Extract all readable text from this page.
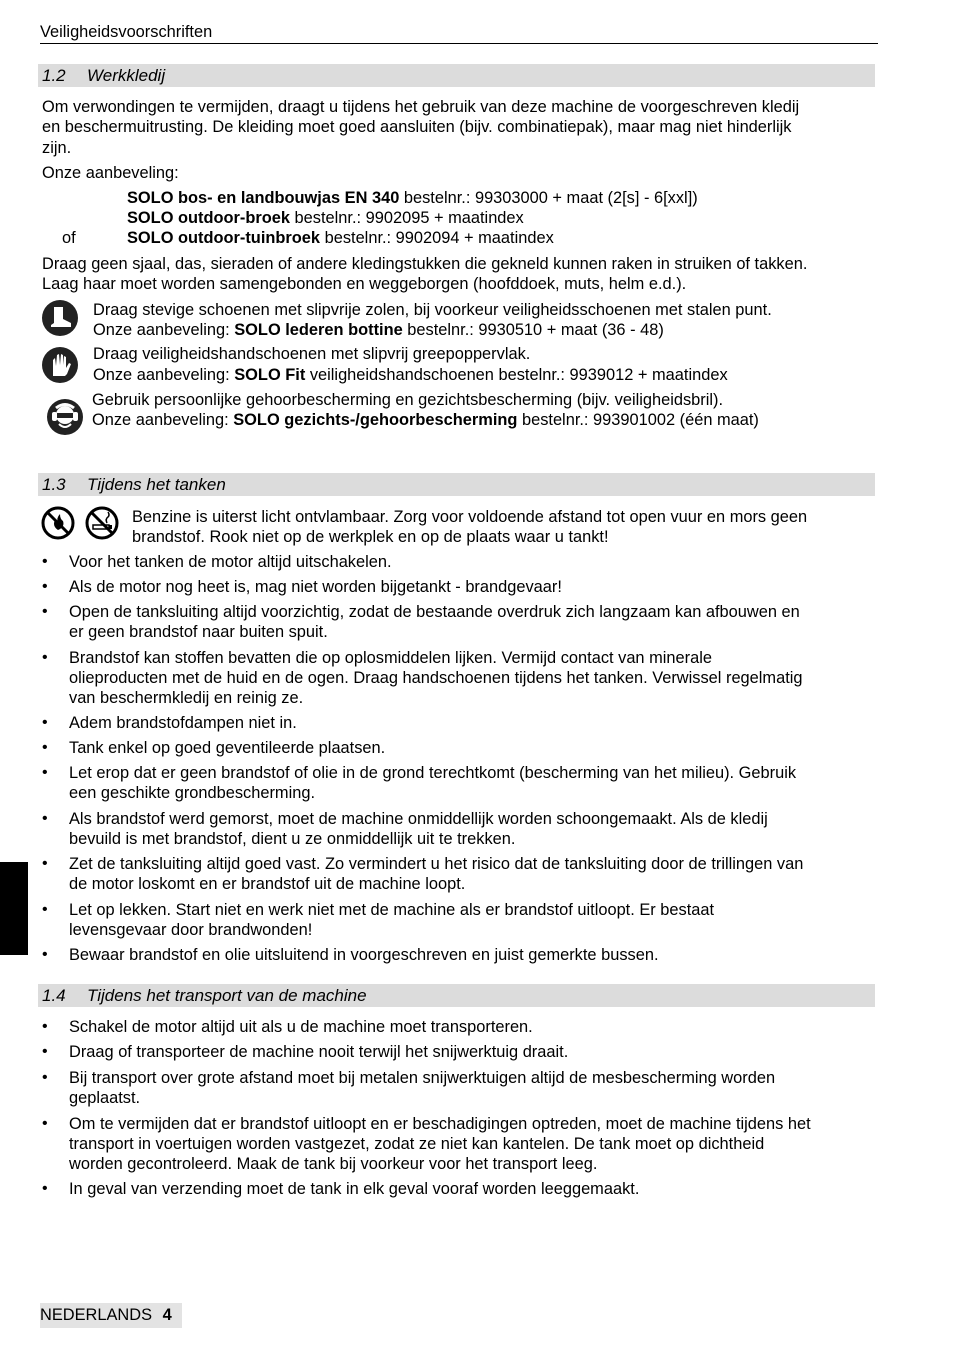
Veiligheidsvoorschriften
1.2 Werkkledij
Om verwondingen te vermijden, draagt u tijdens het gebruik van deze machine de voorgeschreven kledij
en beschermuitrusting. De kleiding moet goed aansluiten (bijv. combinatiepak), maar mag niet hinderlijk
zijn.
Onze aanbeveling:
SOLO bos- en landbouwjas EN 340 bestelnr.: 99303000 + maat (2[s] - 6[xxl])
SOLO outdoor-broek bestelnr.: 9902095 + maatindex
of	SOLO outdoor-tuinbroek bestelnr.: 9902094 + maatindex
Draag geen sjaal, das, sieraden of andere kledingstukken die gekneld kunnen raken in struiken of takken.
Laag haar moet worden samengebonden en weggeborgen (hoofddoek, muts, helm e.d.).
Draag stevige schoenen met slipvrije zolen, bij voorkeur veiligheidsschoenen met stalen punt.
Onze aanbeveling: SOLO lederen bottine bestelnr.: 9930510 + maat (36 - 48)
Draag veiligheidshandschoenen met slipvrij greepoppervlak.
Onze aanbeveling: SOLO Fit veiligheidshandschoenen bestelnr.: 9939012 + maatindex
Gebruik persoonlijke gehoorbescherming en gezichtsbescherming (bijv. veiligheidsbril).
Onze aanbeveling: SOLO gezichts-/gehoorbescherming bestelnr.: 993901002 (één maat)
1.3 Tijdens het tanken
Benzine is uiterst licht ontvlambaar. Zorg voor voldoende afstand tot open vuur en mors geen
brandstof. Rook niet op de werkplek en op de plaats waar u tankt!
• Voor het tanken de motor altijd uitschakelen.
• Als de motor nog heet is, mag niet worden bijgetankt - brandgevaar!
• Open de tanksluiting altijd voorzichtig, zodat de bestaande overdruk zich langzaam kan afbouwen en
er geen brandstof naar buiten spuit.
• Brandstof kan stoffen bevatten die op oplosmiddelen lijken. Vermijd contact van minerale
olieproducten met de huid en de ogen. Draag handschoenen tijdens het tanken. Verwissel regelmatig
van beschermkledij en reinig ze.
• Adem brandstofdampen niet in.
• Tank enkel op goed geventileerde plaatsen.
• Let erop dat er geen brandstof of olie in de grond terechtkomt (bescherming van het milieu). Gebruik
een geschikte grondbescherming.
• Als brandstof werd gemorst, moet de machine onmiddellijk worden schoongemaakt. Als de kledij
bevuild is met brandstof, dient u ze onmiddellijk uit te trekken.
• Zet de tanksluiting altijd goed vast. Zo vermindert u het risico dat de tanksluiting door de trillingen van
de motor loskomt en er brandstof uit de machine loopt.
• Let op lekken. Start niet en werk niet met de machine als er brandstof uitloopt. Er bestaat
levensgevaar door brandwonden!
• Bewaar brandstof en olie uitsluitend in voorgeschreven en juist gemerkte bussen.
1.4 Tijdens het transport van de machine
• Schakel de motor altijd uit als u de machine moet transporteren.
• Draag of transporteer de machine nooit terwijl het snijwerktuig draait.
• Bij transport over grote afstand moet bij metalen snijwerktuigen altijd de mesbescherming worden
geplaatst.
• Om te vermijden dat er brandstof uitloopt en er beschadigingen optreden, moet de machine tijdens het
transport in voertuigen worden vastgezet, zodat ze niet kan kantelen. De tank moet op dichtheid
worden gecontroleerd. Maak de tank bij voorkeur voor het transport leeg.
• In geval van verzending moet de tank in elk geval vooraf worden leeggemaakt.
NEDERLANDS 4
